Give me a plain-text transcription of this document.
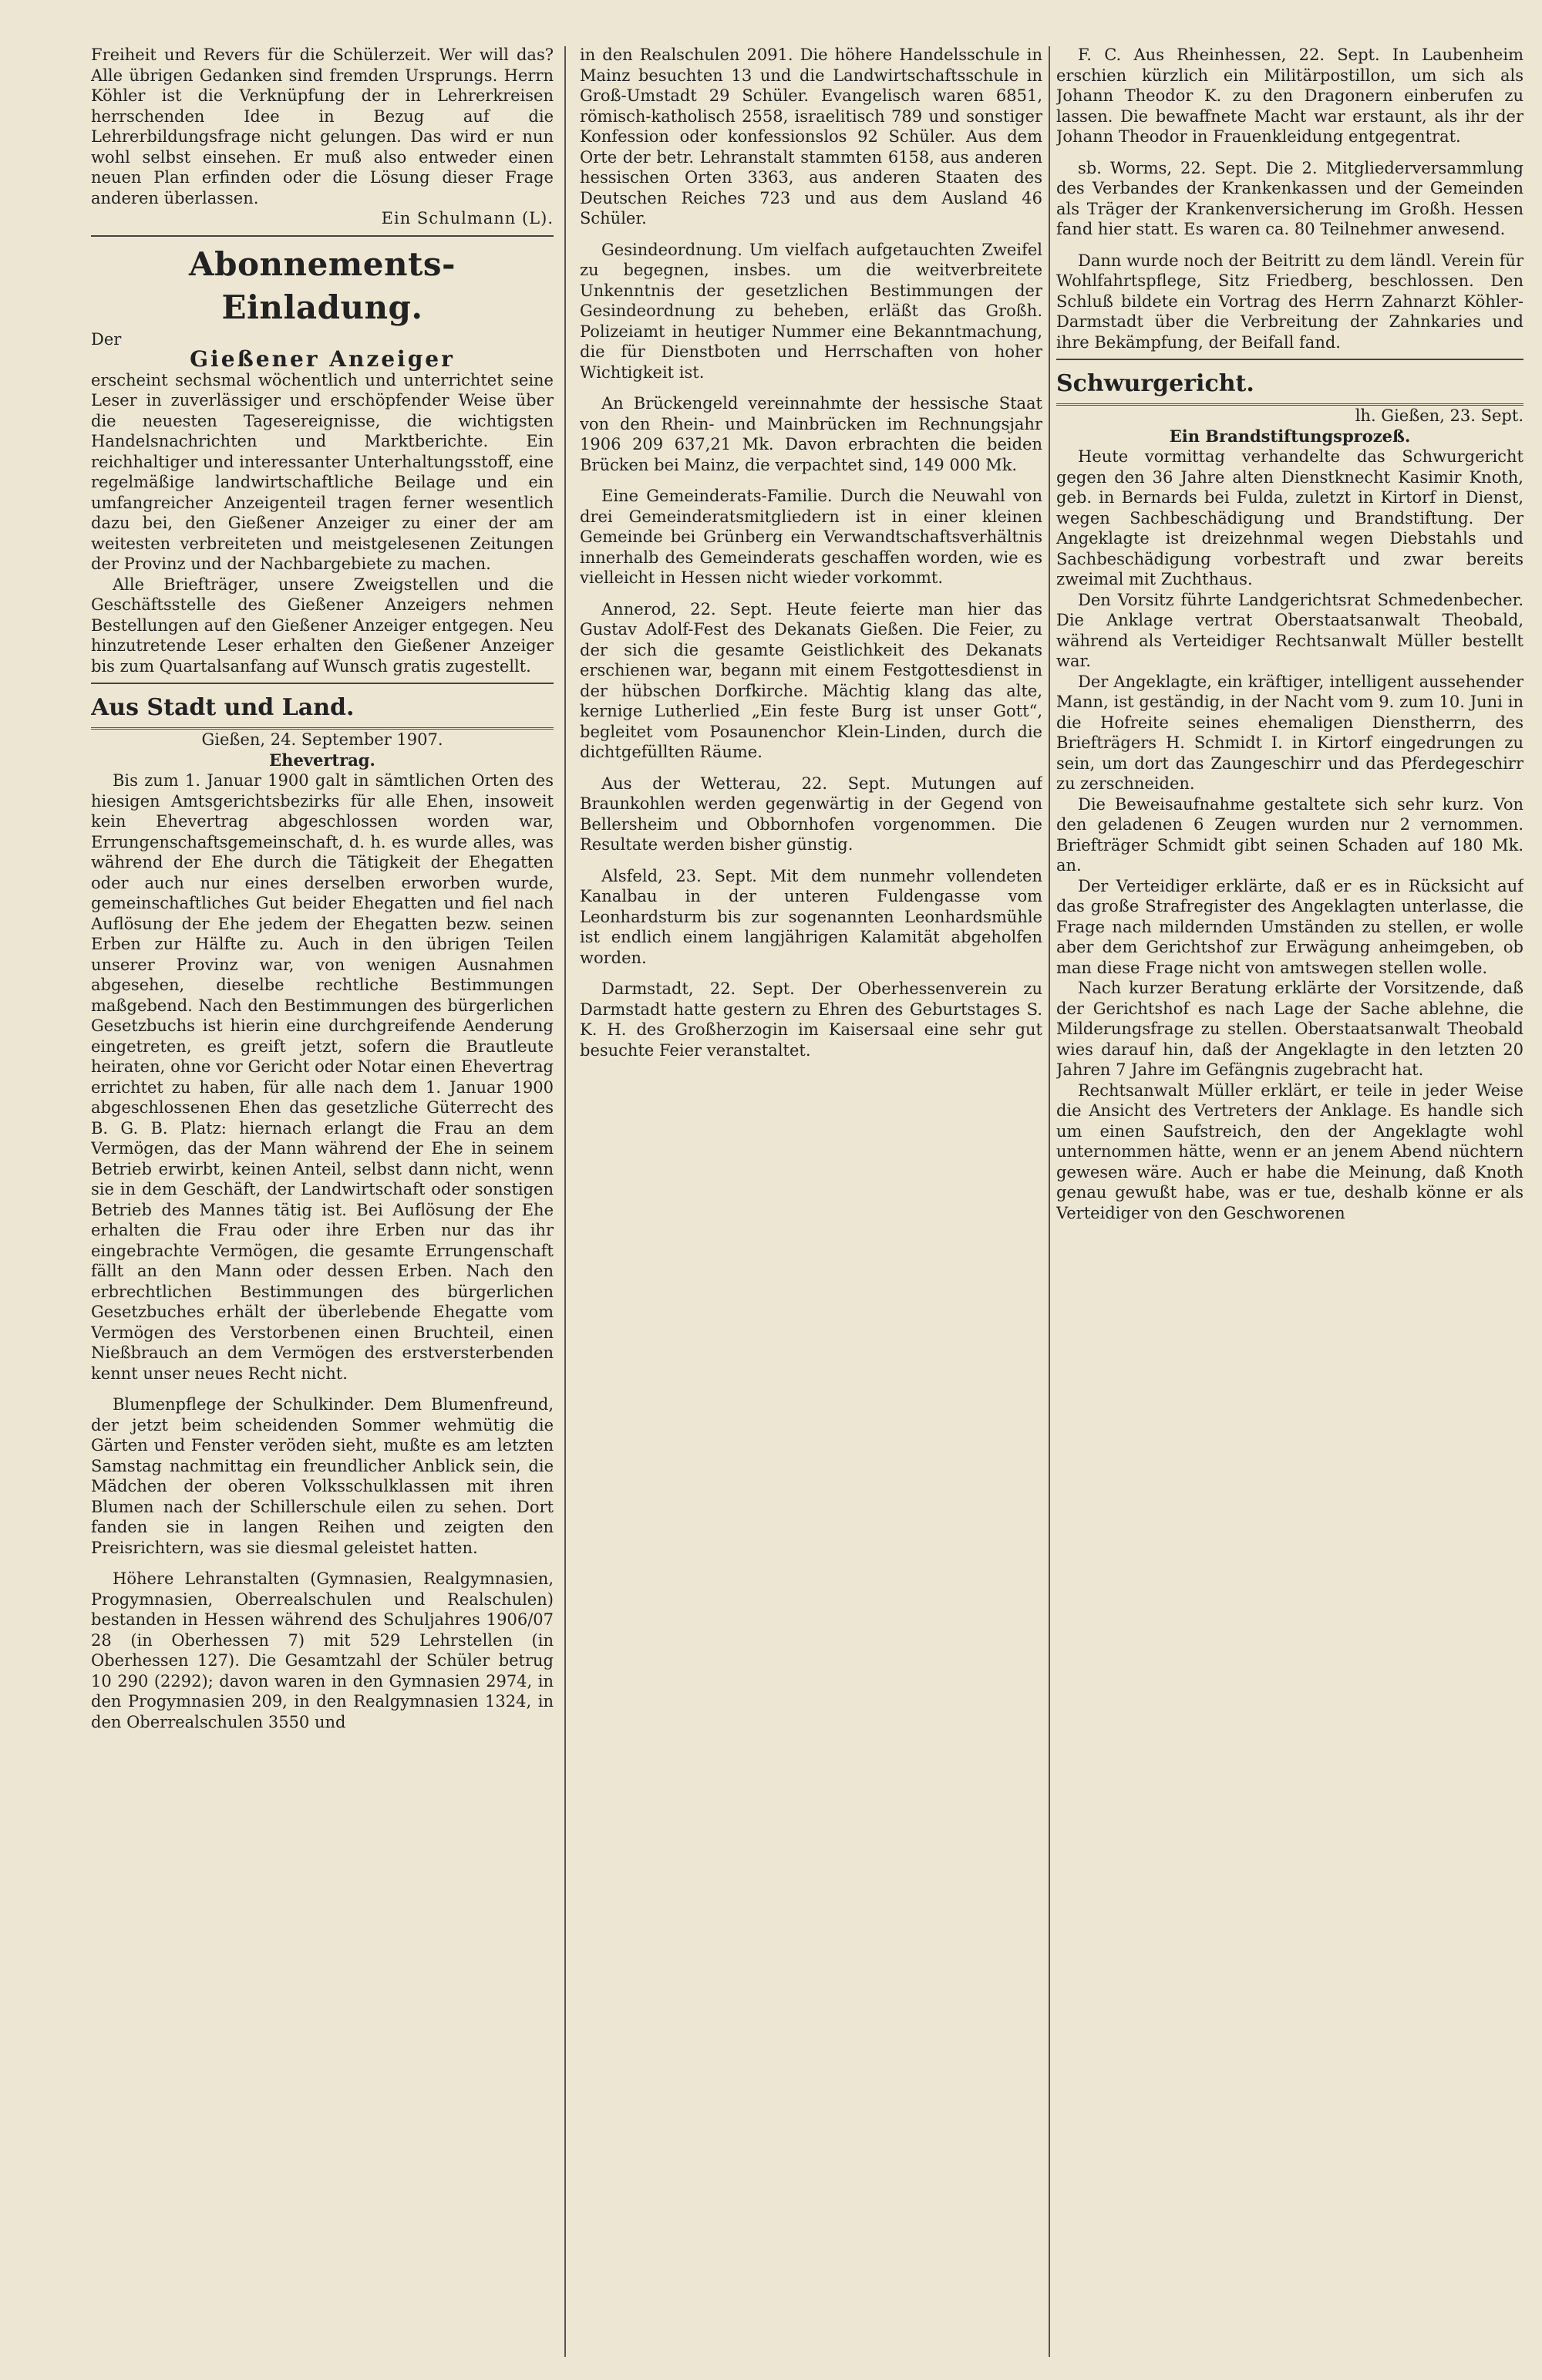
Freiheit und Revers für die Schülerzeit. Wer will das? Alle übrigen Gedanken sind fremden Ursprungs. Herrn Köhler ist die Verknüpfung der in Lehrerkreisen herrschenden Idee in Bezug auf die Lehrerbildungsfrage nicht gelungen. Das wird er nun wohl selbst einsehen. Er muß also entweder einen neuen Plan erfinden oder die Lösung dieser Frage anderen überlassen.

Ein Schulmann (L).

Abonnements-Einladung.

Der

Gießener Anzeiger

erscheint sechsmal wöchentlich und unterrichtet seine Leser in zuverlässiger und erschöpfender Weise über die neuesten Tagesereignisse, die wichtigsten Handelsnachrichten und Marktberichte. Ein reichhaltiger und interessanter Unterhaltungsstoff, eine regelmäßige landwirtschaftliche Beilage und ein umfangreicher Anzeigenteil tragen ferner wesentlich dazu bei, den Gießener Anzeiger zu einer der am weitesten verbreiteten und meistgelesenen Zeitungen der Provinz und der Nachbargebiete zu machen.

Alle Briefträger, unsere Zweigstellen und die Geschäftsstelle des Gießener Anzeigers nehmen Bestellungen auf den Gießener Anzeiger entgegen. Neu hinzutretende Leser erhalten den Gießener Anzeiger bis zum Quartalsanfang auf Wunsch gratis zugestellt.

Aus Stadt und Land.

Gießen, 24. September 1907.

Ehevertrag.

Bis zum 1. Januar 1900 galt in sämtlichen Orten des hiesigen Amtsgerichtsbezirks für alle Ehen, insoweit kein Ehevertrag abgeschlossen worden war, Errungenschaftsgemeinschaft, d. h. es wurde alles, was während der Ehe durch die Tätigkeit der Ehegatten oder auch nur eines derselben erworben wurde, gemeinschaftliches Gut beider Ehegatten und fiel nach Auflösung der Ehe jedem der Ehegatten bezw. seinen Erben zur Hälfte zu. Auch in den übrigen Teilen unserer Provinz war, von wenigen Ausnahmen abgesehen, dieselbe rechtliche Bestimmungen maßgebend. Nach den Bestimmungen des bürgerlichen Gesetzbuchs ist hierin eine durchgreifende Aenderung eingetreten, es greift jetzt, sofern die Brautleute heiraten, ohne vor Gericht oder Notar einen Ehevertrag errichtet zu haben, für alle nach dem 1. Januar 1900 abgeschlossenen Ehen das gesetzliche Güterrecht des B. G. B. Platz: hiernach erlangt die Frau an dem Vermögen, das der Mann während der Ehe in seinem Betrieb erwirbt, keinen Anteil, selbst dann nicht, wenn sie in dem Geschäft, der Landwirtschaft oder sonstigen Betrieb des Mannes tätig ist. Bei Auflösung der Ehe erhalten die Frau oder ihre Erben nur das ihr eingebrachte Vermögen, die gesamte Errungenschaft fällt an den Mann oder dessen Erben. Nach den erbrechtlichen Bestimmungen des bürgerlichen Gesetzbuches erhält der überlebende Ehegatte vom Vermögen des Verstorbenen einen Bruchteil, einen Nießbrauch an dem Vermögen des erstversterbenden kennt unser neues Recht nicht.

Blumenpflege der Schulkinder. Dem Blumenfreund, der jetzt beim scheidenden Sommer wehmütig die Gärten und Fenster veröden sieht, mußte es am letzten Samstag nachmittag ein freundlicher Anblick sein, die Mädchen der oberen Volksschulklassen mit ihren Blumen nach der Schillerschule eilen zu sehen. Dort fanden sie in langen Reihen und zeigten den Preisrichtern, was sie diesmal geleistet hatten.

Höhere Lehranstalten (Gymnasien, Realgymnasien, Progymnasien, Oberrealschulen und Realschulen) bestanden in Hessen während des Schuljahres 1906/07 28 (in Oberhessen 7) mit 529 Lehrstellen (in Oberhessen 127). Die Gesamtzahl der Schüler betrug 10 290 (2292); davon waren in den Gymnasien 2974, in den Progymnasien 209, in den Realgymnasien 1324, in den Oberrealschulen 3550 und

in den Realschulen 2091. Die höhere Handelsschule in Mainz besuchten 13 und die Landwirtschaftsschule in Groß-Umstadt 29 Schüler. Evangelisch waren 6851, römisch-katholisch 2558, israelitisch 789 und sonstiger Konfession oder konfessionslos 92 Schüler. Aus dem Orte der betr. Lehranstalt stammten 6158, aus anderen hessischen Orten 3363, aus anderen Staaten des Deutschen Reiches 723 und aus dem Ausland 46 Schüler.

Gesindeordnung. Um vielfach aufgetauchten Zweifel zu begegnen, insbes. um die weitverbreitete Unkenntnis der gesetzlichen Bestimmungen der Gesindeordnung zu beheben, erläßt das Großh. Polizeiamt in heutiger Nummer eine Bekanntmachung, die für Dienstboten und Herrschaften von hoher Wichtigkeit ist.

An Brückengeld vereinnahmte der hessische Staat von den Rhein- und Mainbrücken im Rechnungsjahr 1906 209 637,21 Mk. Davon erbrachten die beiden Brücken bei Mainz, die verpachtet sind, 149 000 Mk.

Eine Gemeinderats-Familie. Durch die Neuwahl von drei Gemeinderatsmitgliedern ist in einer kleinen Gemeinde bei Grünberg ein Verwandtschaftsverhältnis innerhalb des Gemeinderats geschaffen worden, wie es vielleicht in Hessen nicht wieder vorkommt.

Annerod, 22. Sept. Heute feierte man hier das Gustav Adolf-Fest des Dekanats Gießen. Die Feier, zu der sich die gesamte Geistlichkeit des Dekanats erschienen war, begann mit einem Festgottesdienst in der hübschen Dorfkirche. Mächtig klang das alte, kernige Lutherlied „Ein feste Burg ist unser Gott“, begleitet vom Posaunenchor Klein-Linden, durch die dichtgefüllten Räume.

Aus der Wetterau, 22. Sept. Mutungen auf Braunkohlen werden gegenwärtig in der Gegend von Bellersheim und Obbornhofen vorgenommen. Die Resultate werden bisher günstig.

Alsfeld, 23. Sept. Mit dem nunmehr vollendeten Kanalbau in der unteren Fuldengasse vom Leonhardsturm bis zur sogenannten Leonhardsmühle ist endlich einem langjährigen Kalamität abgeholfen worden.

Darmstadt, 22. Sept. Der Oberhessenverein zu Darmstadt hatte gestern zu Ehren des Geburtstages S. K. H. des Großherzogin im Kaisersaal eine sehr gut besuchte Feier veranstaltet.

F. C. Aus Rheinhessen, 22. Sept. In Laubenheim erschien kürzlich ein Militärpostillon, um sich als Johann Theodor K. zu den Dragonern einberufen zu lassen. Die bewaffnete Macht war erstaunt, als ihr der Johann Theodor in Frauenkleidung entgegentrat.

sb. Worms, 22. Sept. Die 2. Mitgliederversammlung des Verbandes der Krankenkassen und der Gemeinden als Träger der Krankenversicherung im Großh. Hessen fand hier statt. Es waren ca. 80 Teilnehmer anwesend.

Dann wurde noch der Beitritt zu dem ländl. Verein für Wohlfahrtspflege, Sitz Friedberg, beschlossen. Den Schluß bildete ein Vortrag des Herrn Zahnarzt Köhler-Darmstadt über die Verbreitung der Zahnkaries und ihre Bekämpfung, der Beifall fand.

Schwurgericht.

lh. Gießen, 23. Sept.

Ein Brandstiftungsprozeß.

Heute vormittag verhandelte das Schwurgericht gegen den 36 Jahre alten Dienstknecht Kasimir Knoth, geb. in Bernards bei Fulda, zuletzt in Kirtorf in Dienst, wegen Sachbeschädigung und Brandstiftung. Der Angeklagte ist dreizehnmal wegen Diebstahls und Sachbeschädigung vorbestraft und zwar bereits zweimal mit Zuchthaus.

Den Vorsitz führte Landgerichtsrat Schmedenbecher. Die Anklage vertrat Oberstaatsanwalt Theobald, während als Verteidiger Rechtsanwalt Müller bestellt war.

Der Angeklagte, ein kräftiger, intelligent aussehender Mann, ist geständig, in der Nacht vom 9. zum 10. Juni in die Hofreite seines ehemaligen Dienstherrn, des Briefträgers H. Schmidt I. in Kirtorf eingedrungen zu sein, um dort das Zaungeschirr und das Pferdegeschirr zu zerschneiden.

Die Beweisaufnahme gestaltete sich sehr kurz. Von den geladenen 6 Zeugen wurden nur 2 vernommen. Briefträger Schmidt gibt seinen Schaden auf 180 Mk. an.

Der Verteidiger erklärte, daß er es in Rücksicht auf das große Strafregister des Angeklagten unterlasse, die Frage nach mildernden Umständen zu stellen, er wolle aber dem Gerichtshof zur Erwägung anheimgeben, ob man diese Frage nicht von amtswegen stellen wolle.

Nach kurzer Beratung erklärte der Vorsitzende, daß der Gerichtshof es nach Lage der Sache ablehne, die Milderungsfrage zu stellen. Oberstaatsanwalt Theobald wies darauf hin, daß der Angeklagte in den letzten 20 Jahren 7 Jahre im Gefängnis zugebracht hat.

Rechtsanwalt Müller erklärt, er teile in jeder Weise die Ansicht des Vertreters der Anklage. Es handle sich um einen Saufstreich, den der Angeklagte wohl unternommen hätte, wenn er an jenem Abend nüchtern gewesen wäre. Auch er habe die Meinung, daß Knoth genau gewußt habe, was er tue, deshalb könne er als Verteidiger von den Geschworenen
